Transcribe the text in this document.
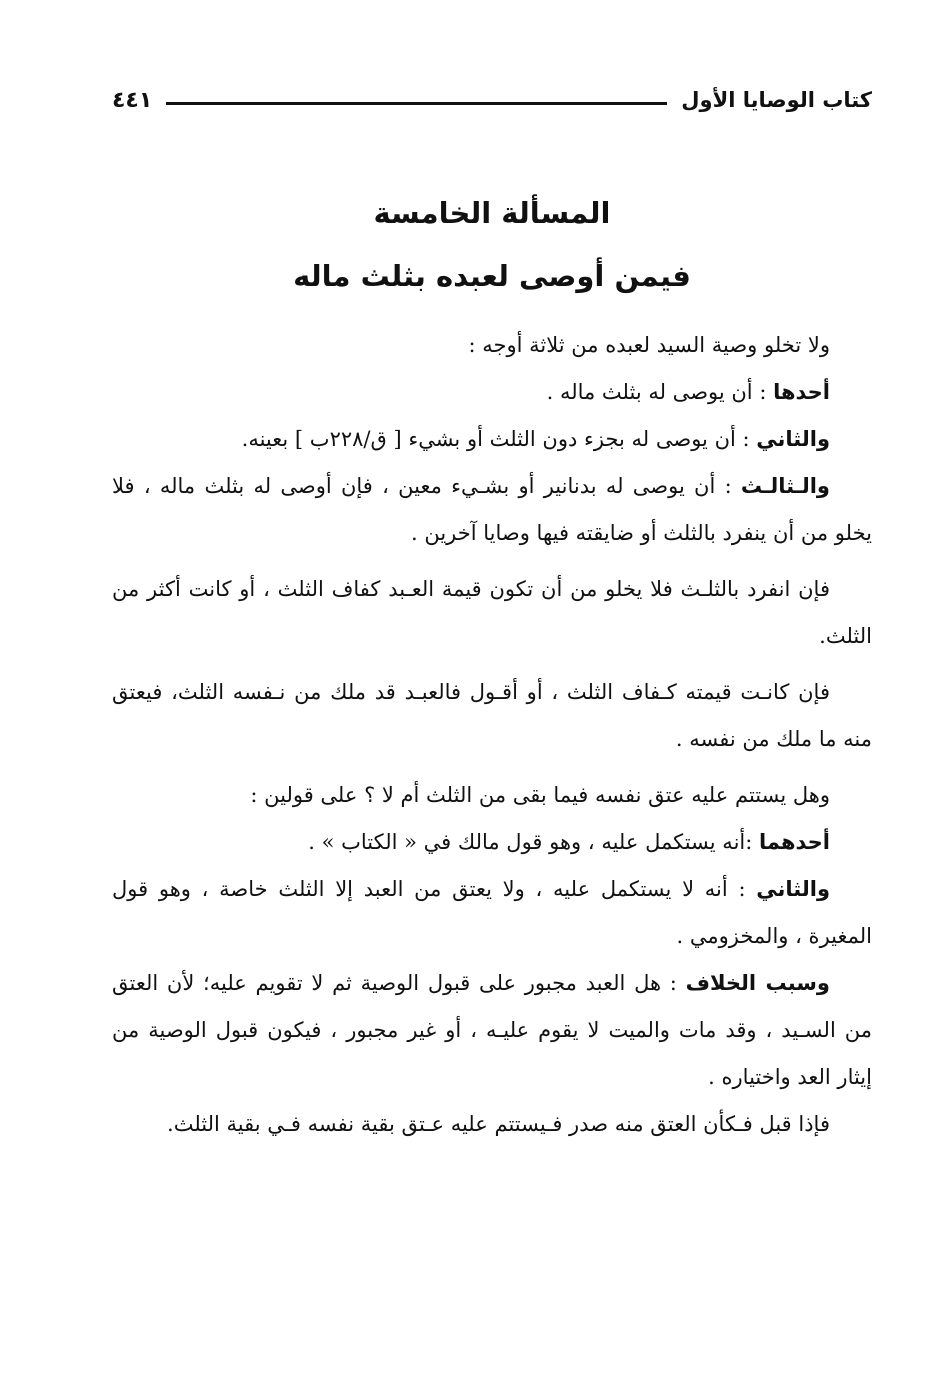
كتاب الوصايا الأول
٤٤١
المسألة الخامسة
فيمن أوصى لعبده بثلث ماله

ولا تخلو وصية السيد لعبده من ثلاثة أوجه :

أحدها : أن يوصى له بثلث ماله .

والثاني : أن يوصى له بجزء دون الثلث أو بشيء [ ق/٢٢٨ب ] بعينه.

والـثالـث : أن يوصى له بدنانير أو بشـيء معين ، فإن أوصى له بثلث ماله ، فلا يخلو من أن ينفرد بالثلث أو ضايقته فيها وصايا آخرين .

فإن انفرد بالثلـث فلا يخلو من أن تكون قيمة العـبد كفاف الثلث ، أو كانت أكثر من الثلث.

فإن كانـت قيمته كـفاف الثلث ، أو أقـول فالعبـد قد ملك من نـفسه الثلث، فيعتق منه ما ملك من نفسه .

وهل يستتم عليه عتق نفسه فيما بقى من الثلث أم لا ؟ على قولين :

أحدهما :أنه يستكمل عليه ، وهو قول مالك في « الكتاب » .

والثاني : أنه لا يستكمل عليه ، ولا يعتق من العبد إلا الثلث خاصة ، وهو قول المغيرة ، والمخزومي .

وسبب الخلاف : هل العبد مجبور على قبول الوصية ثم لا تقويم عليه؛ لأن العتق من السـيد ، وقد مات والميت لا يقوم عليـه ، أو غير مجبور ، فيكون قبول الوصية من إيثار العد واختياره .

فإذا قبل فـكأن العتق منه صدر فـيستتم عليه عـتق بقية نفسه فـي بقية الثلث.
